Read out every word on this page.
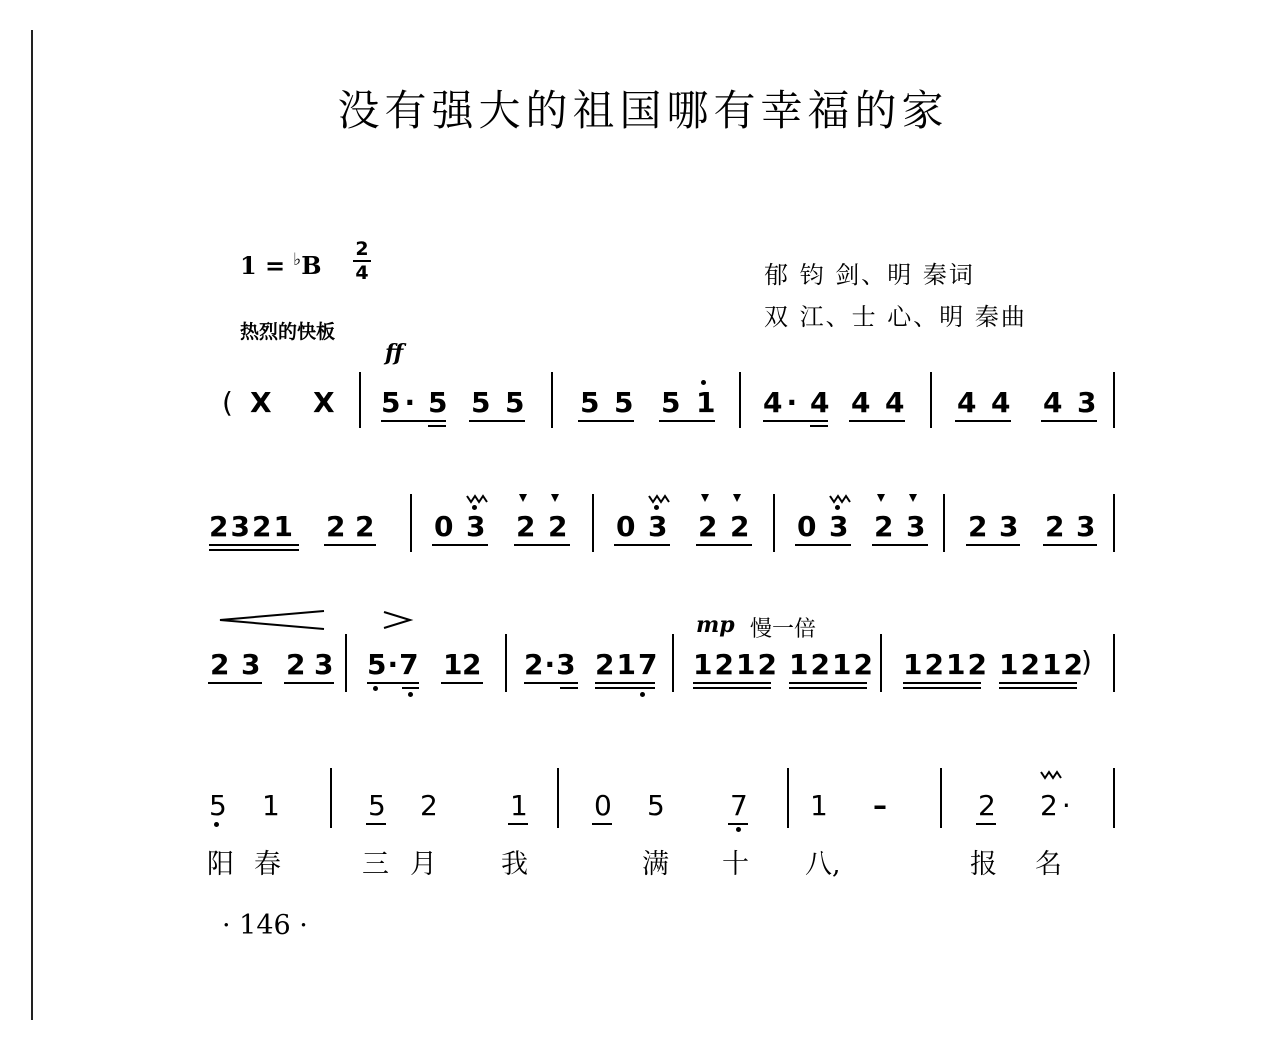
没有强大的祖国哪有幸福的家
1 = ♭B
2
4
热烈的快板
郁 钧 剑、明 秦词
双 江、士 心、明 秦曲
ff
mp 慢一倍
( X X 5· 5 5 5 5 5 5 1 4· 4 4 4 4 4 4 3
2321 2 2 0 3 2 2 0 3 2 2 0 3 2 3 2 3 2 3
2 3 2 3 5·7 1
2 2·3 217 1212 1212 1212 1212
)
5 1	5 2 1 0 5 7 1 –	2 2·
阳 春	三 月 我	满 十 八,	报 名
· 146 ·
